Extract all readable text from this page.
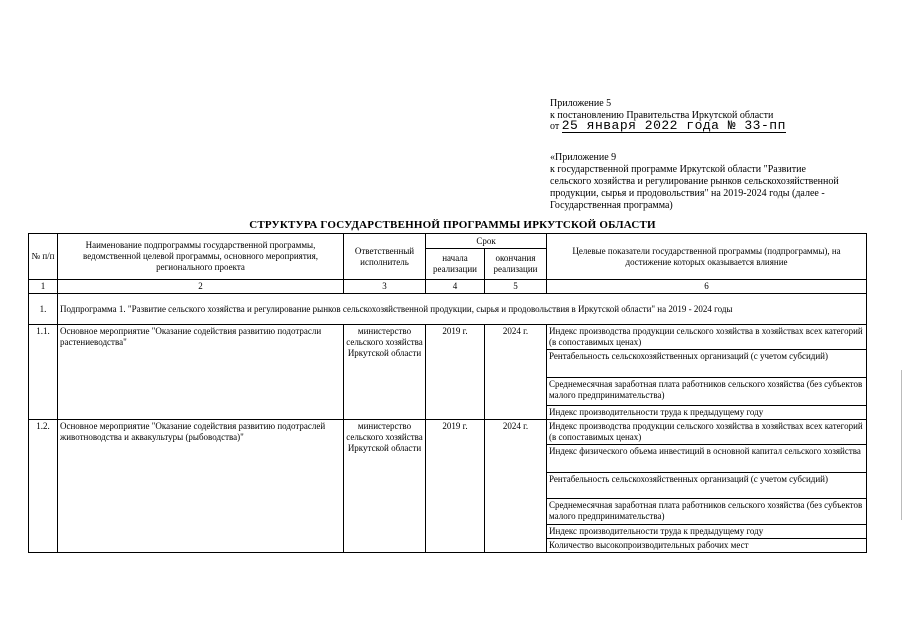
Приложение 5
к постановлению Правительства Иркутской области
от 25 января 2022 года № 33-пп
«Приложение 9
к государственной программе Иркутской области "Развитие
сельского хозяйства и регулирование рынков сельскохозяйственной
продукции, сырья и продовольствия" на 2019-2024 годы (далее -
Государственная программа)
СТРУКТУРА ГОСУДАРСТВЕННОЙ ПРОГРАММЫ ИРКУТСКОЙ ОБЛАСТИ
№ п/п	Наименование подпрограммы государственной программы, ведомственной целевой программы, основного мероприятия, регионального проекта	Ответственный исполнитель	Срок		Целевые показатели государственной программы (подпрограммы), на достижение которых оказывается влияние
			начала реализации	окончания реализации	
1	2	3	4	5	6
1.	Подпрограмма 1. "Развитие сельского хозяйства и регулирование рынков сельскохозяйственной продукции, сырья и продовольствия в Иркутской области" на 2019 - 2024 годы				
1.1.	Основное мероприятие "Оказание содействия развитию подотрасли растениеводства"	министерство сельского хозяйства Иркутской области	2019 г.	2024 г.	Индекс производства продукции сельского хозяйства в хозяйствах всех категорий (в сопоставимых ценах)
					Рентабельность сельскохозяйственных организаций (с учетом субсидий)
					Среднемесячная заработная плата работников сельского хозяйства (без субъектов малого предпринимательства)
					Индекс производительности труда к предыдущему году
1.2.	Основное мероприятие "Оказание содействия развитию подотраслей животноводства и аквакультуры (рыбоводства)"	министерство сельского хозяйства Иркутской области	2019 г.	2024 г.	Индекс производства продукции сельского хозяйства в хозяйствах всех категорий (в сопоставимых ценах)
					Индекс физического объема инвестиций в основной капитал сельского хозяйства
					Рентабельность сельскохозяйственных организаций (с учетом субсидий)
					Среднемесячная заработная плата работников сельского хозяйства (без субъектов малого предпринимательства)
					Индекс производительности труда к предыдущему году
					Количество высокопроизводительных рабочих мест
